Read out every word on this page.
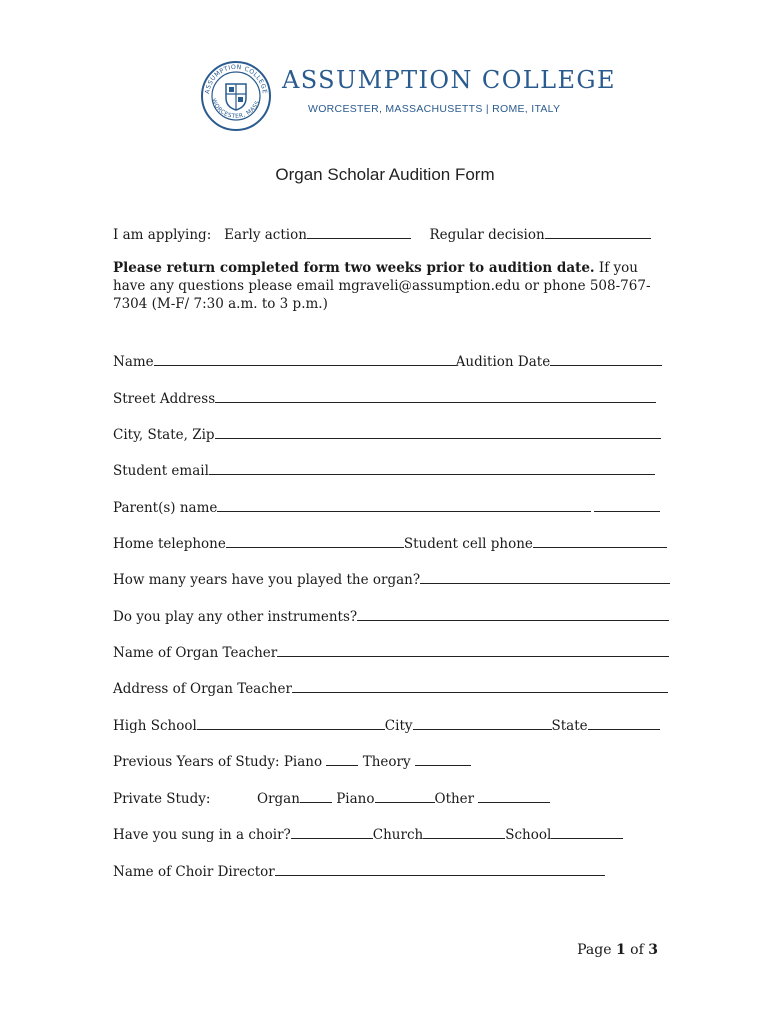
ASSUMPTION COLLEGE
WORCESTER, MASS.
ASSUMPTION COLLEGE
WORCESTER, MASSACHUSETTS | ROME, ITALY
Organ Scholar Audition Form
I am applying: Early action	Regular decision
Please return completed form two weeks prior to audition date. If you have any questions please email mgraveli@assumption.edu or phone 508-767-7304 (M-F/ 7:30 a.m. to 3 p.m.)
Name	Audition Date
Street Address
City, State, Zip
Student email
Parent(s) name
Home telephone	Student cell phone
How many years have you played the organ?
Do you play any other instruments?
Name of Organ Teacher
Address of Organ Teacher
High School	City	State
Previous Years of Study: Piano	Theory
Private Study:	Organ	Piano	Other
Have you sung in a choir?	Church	School
Name of Choir Director
Page 1 of 3
